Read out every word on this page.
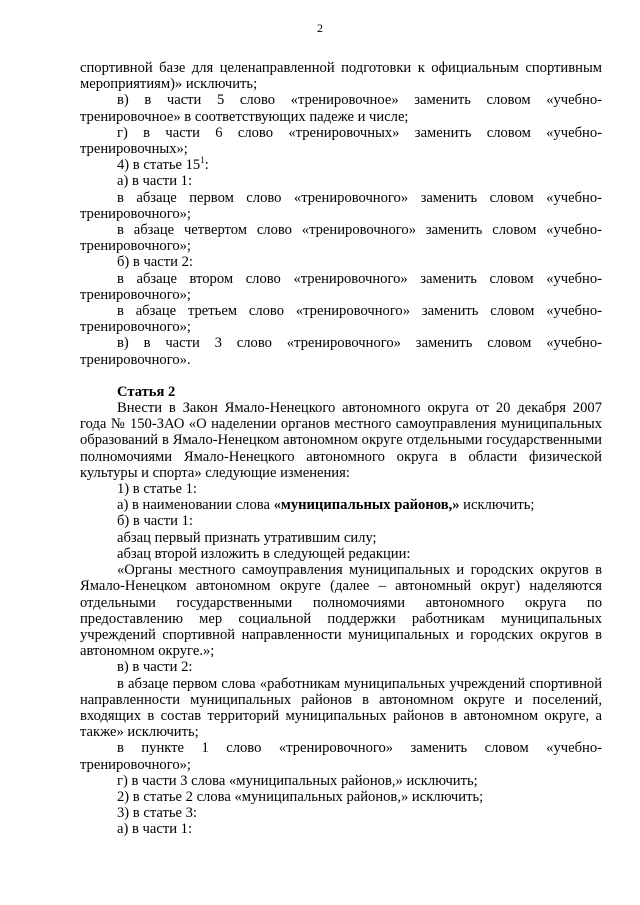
2

спортивной базе для целенаправленной подготовки к официальным спортивным мероприятиям)» исключить;

в) в части 5 слово «тренировочное» заменить словом «учебно-тренировочное» в соответствующих падеже и числе;

г) в части 6 слово «тренировочных» заменить словом «учебно-тренировочных»;

4) в статье $15^1$:

а) в части 1:

в абзаце первом слово «тренировочного» заменить словом «учебно-тренировочного»;

в абзаце четвертом слово «тренировочного» заменить словом «учебно-тренировочного»;

б) в части 2:

в абзаце втором слово «тренировочного» заменить словом «учебно-тренировочного»;

в абзаце третьем слово «тренировочного» заменить словом «учебно-тренировочного»;

в) в части 3 слово «тренировочного» заменить словом «учебно-тренировочного».

Статья 2

Внести в Закон Ямало-Ненецкого автономного округа от 20 декабря 2007 года № 150-ЗАО «О наделении органов местного самоуправления муниципальных образований в Ямало-Ненецком автономном округе отдельными государственными полномочиями Ямало-Ненецкого автономного округа в области физической культуры и спорта» следующие изменения:

1) в статье 1:

а) в наименовании слова «муниципальных районов,» исключить;

б) в части 1:

абзац первый признать утратившим силу;

абзац второй изложить в следующей редакции:

«Органы местного самоуправления муниципальных и городских округов в Ямало-Ненецком автономном округе (далее – автономный округ) наделяются отдельными государственными полномочиями автономного округа по предоставлению мер социальной поддержки работникам муниципальных учреждений спортивной направленности муниципальных и городских округов в автономном округе.»;

в) в части 2:

в абзаце первом слова «работникам муниципальных учреждений спортивной направленности муниципальных районов в автономном округе и поселений, входящих в состав территорий муниципальных районов в автономном округе, а также» исключить;

в пункте 1 слово «тренировочного» заменить словом «учебно-тренировочного»;

г) в части 3 слова «муниципальных районов,» исключить;

2) в статье 2 слова «муниципальных районов,» исключить;

3) в статье 3:

а) в части 1:
